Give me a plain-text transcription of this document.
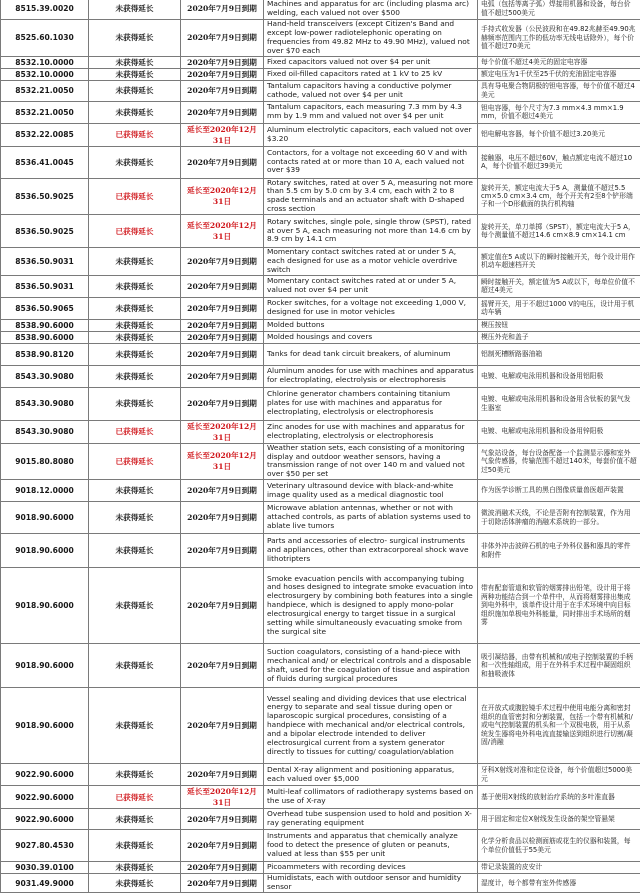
8515.39.0020	未获得延长	2020年7月9日到期	Machines and apparatus for arc (including plasma arc) welding, each valued not over $500	电弧（包括等离子弧）焊接用机器和设备，每台价值不超过500美元
8525.60.1030	未获得延长	2020年7月9日到期	Hand-held transceivers (except Citizen's Band and except low-power radiotelephonic operating on frequencies from 49.82 MHz to 49.90 MHz), valued not over $70 each	手持式收发器（公民波段和在49.82兆赫至49.90兆赫频率范围内工作的低功率无线电话除外），每个价值不超过70美元
8532.10.0000	未获得延长	2020年7月9日到期	Fixed capacitors valued not over $4 per unit	每个价值不超过4美元的固定电容器
8532.10.0000	未获得延长	2020年7月9日到期	Fixed oil-filled capacitors rated at 1 kV to 25 kV	额定电压为1千伏至25千伏的充油固定电容器
8532.21.0050	未获得延长	2020年7月9日到期	Tantalum capacitors having a conductive polymer cathode, valued not over $4 per unit	具有导电聚合物阴极的钽电容器，每个价值不超过4美元
8532.21.0050	未获得延长	2020年7月9日到期	Tantalum capacitors, each measuring 7.3 mm by 4.3 mm by 1.9 mm and valued not over $4 per unit	钽电容器，每个尺寸为7.3 mm×4.3 mm×1.9 mm，价值不超过4美元
8532.22.0085	已获得延长	延长至2020年12月31日	Aluminum electrolytic capacitors, each valued not over $3.20	铝电解电容器，每个价值不超过3.20美元
8536.41.0045	未获得延长	2020年7月9日到期	Contactors, for a voltage not exceeding 60 V and with contacts rated at or more than 10 A, each valued not over $39	接触器，电压不超过60V，触点额定电流不超过10 A，每个价值不超过39美元
8536.50.9025	已获得延长	延长至2020年12月31日	Rotary switches, rated at over 5 A, measuring not more than 5.5 cm by 5.0 cm by 3.4 cm, each with 2 to 8 spade terminals and an actuator shaft with D-shaped cross section	旋转开关，额定电流大于5 A，测量值不超过5.5 cm×5.0 cm×3.4 cm，每个开关有2至8个铲形端子和一个D形截面的执行机构轴
8536.50.9025	已获得延长	延长至2020年12月31日	Rotary switches, single pole, single throw (SPST), rated at over 5 A, each measuring not more than 14.6 cm by 8.9 cm by 14.1 cm	旋转开关，单刀单掷（SPST），额定电流大于5 A，每个测量值不超过14.6 cm×8.9 cm×14.1 cm
8536.50.9031	未获得延长	2020年7月9日到期	Momentary contact switches rated at or under 5 A, each designed for use as a motor vehicle overdrive switch	额定值在5 A或以下的瞬时接触开关，每个设计用作机动车超速档开关
8536.50.9031	未获得延长	2020年7月9日到期	Momentary contact switches rated at or under 5 A, valued not over $4 per unit	瞬时接触开关，额定值为5 A或以下，每单位价值不超过4美元
8536.50.9065	未获得延长	2020年7月9日到期	Rocker switches, for a voltage not exceeding 1,000 V, designed for use in motor vehicles	摇臂开关，用于不超过1000 V的电压，设计用于机动车辆
8538.90.6000	未获得延长	2020年7月9日到期	Molded buttons	模压按钮
8538.90.6000	未获得延长	2020年7月9日到期	Molded housings and covers	模压外壳和盖子
8538.90.8120	未获得延长	2020年7月9日到期	Tanks for dead tank circuit breakers, of aluminum	铝制死槽断路器油箱
8543.30.9080	未获得延长	2020年7月9日到期	Aluminum anodes for use with machines and apparatus for electroplating, electrolysis or electrophoresis	电镀、电解或电泳用机器和设备用铝阳极
8543.30.9080	未获得延长	2020年7月9日到期	Chlorine generator chambers containing titanium plates for use with machines and apparatus for electroplating, electrolysis or electrophoresis	电镀、电解或电泳用机器和设备用含钛板的氯气发生器室
8543.30.9080	已获得延长	延长至2020年12月31日	Zinc anodes for use with machines and apparatus for electroplating, electrolysis or electrophoresis	电镀、电解或电泳用机器和设备用锌阳极
9015.80.8080	已获得延长	延长至2020年12月31日	Weather station sets, each consisting of a monitoring display and outdoor weather sensors, having a transmission range of not over 140 m and valued not over $50 per set	气象站设备，每台设备配备一个监测显示器和室外气象传感器，传输范围不超过140米，每套价值不超过50美元
9018.12.0000	未获得延长	2020年7月9日到期	Veterinary ultrasound device with black-and-white image quality used as a medical diagnostic tool	作为医学诊断工具的黑白图像质量兽医超声装置
9018.90.6000	未获得延长	2020年7月9日到期	Microwave ablation antennas, whether or not with attached controls, as parts of ablation systems used to ablate live tumors	微波消融术天线，不论是否附有控制装置，作为用于切除活体肿瘤的消融术系统的一部分。
9018.90.6000	未获得延长	2020年7月9日到期	Parts and accessories of electro- surgical instruments and appliances, other than extracorporeal shock wave lithotripters	非体外冲击波碎石机的电子外科仪器和器具的零件和附件
9018.90.6000	未获得延长	2020年7月9日到期	Smoke evacuation pencils with accompanying tubing and hoses designed to integrate smoke evacuation into electrosurgery by combining both features into a single handpiece, which is designed to apply mono-polar electrosurgical energy to target tissue in a surgical setting while simultaneously evacuating smoke from the surgical site	带有配套管道和软管的烟雾排出铅笔，设计用于将两种功能结合到一个单件中，从而将烟雾排出集成到电外科中，该单件设计用于在手术环境中向目标组织施加单极电外科能量，同时排出手术场所的烟雾
9018.90.6000	未获得延长	2020年7月9日到期	Suction coagulators, consisting of a hand-piece with mechanical and/ or electrical controls and a disposable shaft, used for the coagulation of tissue and aspiration of fluids during surgical procedures	吸引凝结器，由带有机械和/或电子控制装置的手柄和一次性轴组成，用于在外科手术过程中凝固组织和抽吸液体
9018.90.6000	未获得延长	2020年7月9日到期	Vessel sealing and dividing devices that use electrical energy to separate and seal tissue during open or laparoscopic surgical procedures, consisting of a handpiece with mechanical and/or electrical controls, and a bipolar electrode intended to deliver electrosurgical current from a system generator directly to tissues for cutting/ coagulation/ablation	在开放式或腹腔镜手术过程中使用电能分离和密封组织的血管密封和分割装置，包括一个带有机械和/或电气控制装置的机头和一个双极电极，用于从系统发生器将电外科电流直接输送到组织进行切割/凝固/消融
9022.90.6000	未获得延长	2020年7月9日到期	Dental X-ray alignment and positioning apparatus, each valued over $5,000	牙科X射线对准和定位设备，每个价值超过5000美元
9022.90.6000	已获得延长	延长至2020年12月31日	Multi-leaf collimators of radiotherapy systems based on the use of X-ray	基于使用X射线的放射治疗系统的多叶准直器
9022.90.6000	未获得延长	2020年7月9日到期	Overhead tube suspension used to hold and position X-ray generating equipment	用于固定和定位X射线发生设备的架空管悬架
9027.80.4530	未获得延长	2020年7月9日到期	Instruments and apparatus that chemically analyze food to detect the presence of gluten or peanuts, valued at less than $55 per unit	化学分析食品以检测面筋或花生的仪器和装置，每个单位价值低于55美元
9030.39.0100	未获得延长	2020年7月9日到期	Picoammeters with recording devices	带记录装置的皮安计
9031.49.9000	未获得延长	2020年7月9日到期	Humidistats, each with outdoor sensor and humidity sensor	湿度计，每个都带有室外传感器
